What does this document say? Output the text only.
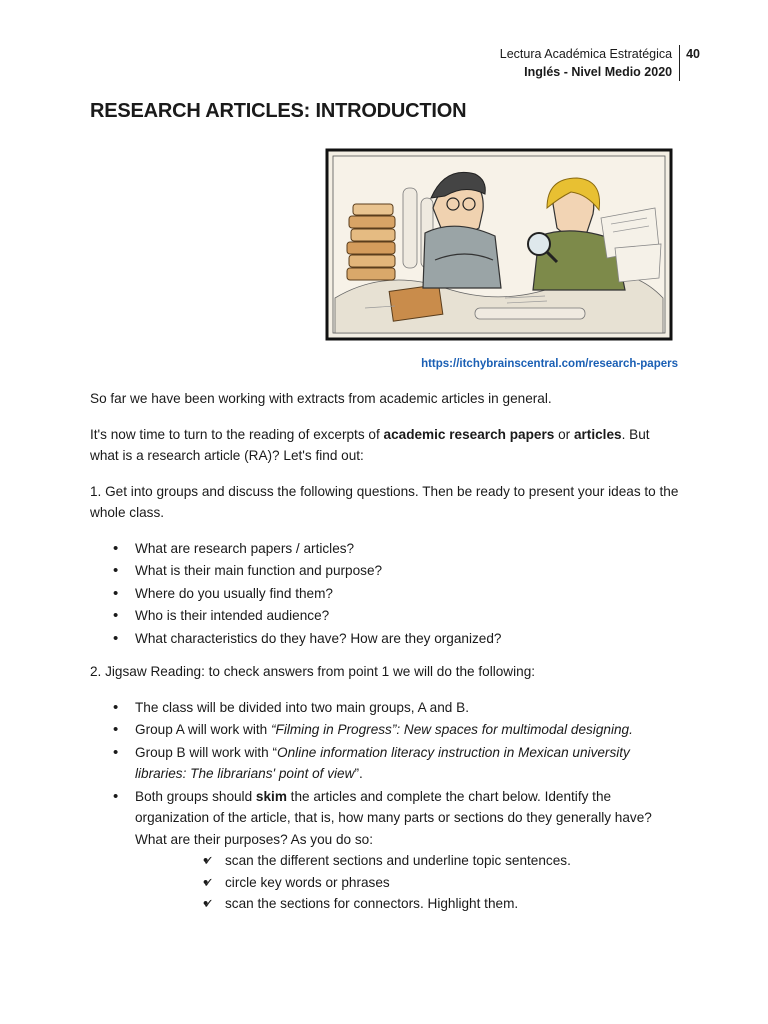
Lectura Académica Estratégica
Inglés - Nivel Medio 2020
40
RESEARCH ARTICLES: INTRODUCTION
https://itchybrainscentral.com/research-papers

So far we have been working with extracts from academic articles in general.

It's now time to turn to the reading of excerpts of academic research papers or articles. But what is a research article (RA)? Let's find out:

1. Get into groups and discuss the following questions. Then be ready to present your ideas to the whole class.

• What are research papers / articles?
• What is their main function and purpose?
• Where do you usually find them?
• Who is their intended audience?
• What characteristics do they have? How are they organized?

2. Jigsaw Reading: to check answers from point 1 we will do the following:

• The class will be divided into two main groups, A and B.
• Group A will work with “Filming in Progress”: New spaces for multimodal designing.
• Group B will work with “Online information literacy instruction in Mexican university libraries: The librarians' point of view”.
• Both groups should skim the articles and complete the chart below. Identify the organization of the article, that is, how many parts or sections do they generally have? What are their purposes? As you do so:
• ✓ scan the different sections and underline topic sentences.
• ✓ circle key words or phrases
• ✓ scan the sections for connectors. Highlight them.
